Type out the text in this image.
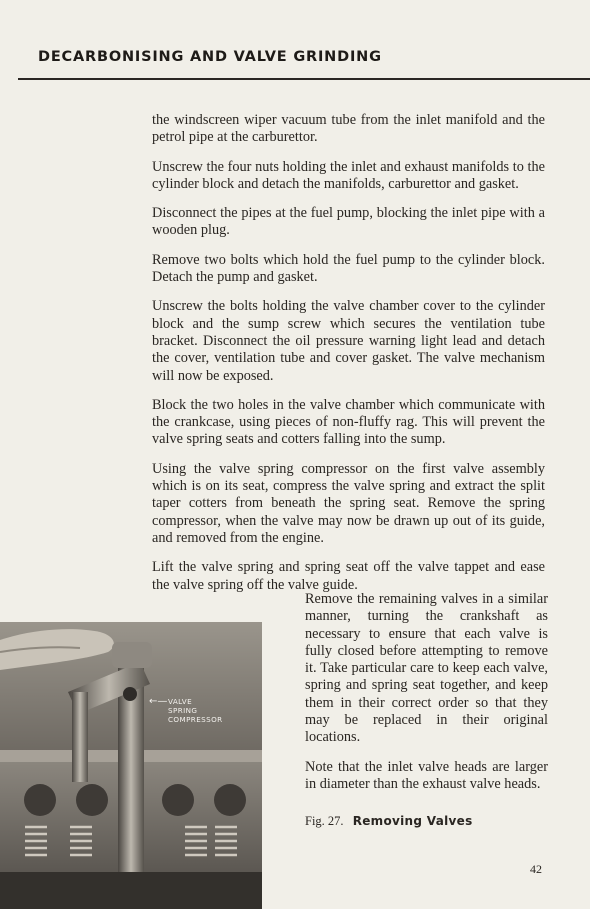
DECARBONISING AND VALVE GRINDING

the windscreen wiper vacuum tube from the inlet manifold and the petrol pipe at the carburettor.

Unscrew the four nuts holding the inlet and exhaust manifolds to the cylinder block and detach the manifolds, carburettor and gasket.

Disconnect the pipes at the fuel pump, blocking the inlet pipe with a wooden plug.

Remove two bolts which hold the fuel pump to the cylinder block. Detach the pump and gasket.

Unscrew the bolts holding the valve chamber cover to the cylinder block and the sump screw which secures the ventilation tube bracket. Disconnect the oil pressure warning light lead and detach the cover, ventilation tube and cover gasket. The valve mechanism will now be exposed.

Block the two holes in the valve chamber which communicate with the crankcase, using pieces of non-fluffy rag. This will prevent the valve spring seats and cotters falling into the sump.

Using the valve spring compressor on the first valve assembly which is on its seat, compress the valve spring and extract the split taper cotters from beneath the spring seat. Remove the spring compressor, when the valve may now be drawn up out of its guide, and removed from the engine.

Lift the valve spring and spring seat off the valve tappet and ease the valve spring off the valve guide.

Remove the remaining valves in a similar manner, turning the crankshaft as necessary to ensure that each valve is fully closed before attempting to remove it. Take particular care to keep each valve, spring and spring seat together, and keep them in their correct order so that they may be replaced in their original locations.

Note that the inlet valve heads are larger in diameter than the exhaust valve heads.

←— VALVE
SPRING
COMPRESSOR

Fig. 27. Removing Valves

42
